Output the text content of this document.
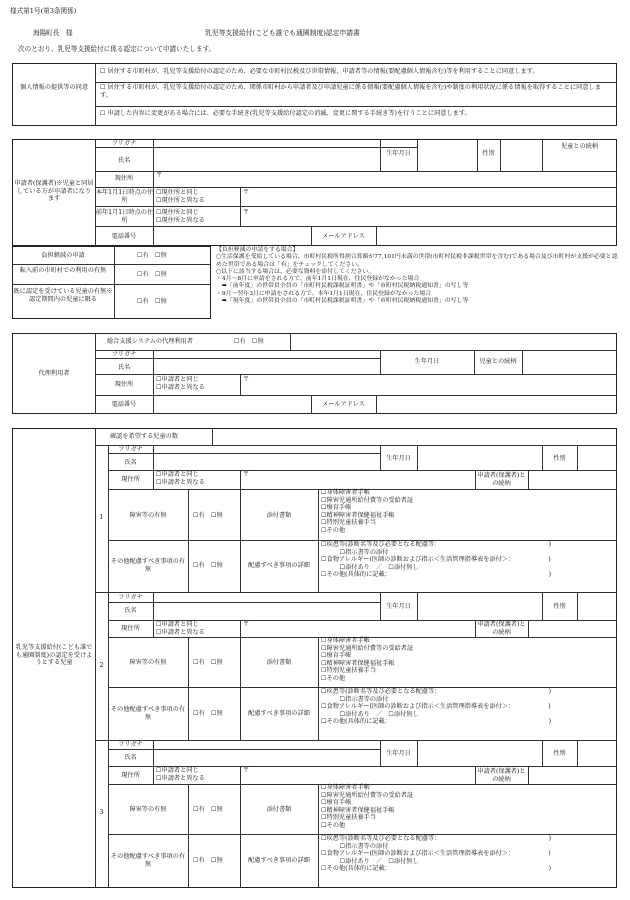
様式第1号(第3条関係)
海陽町長　様	乳児等支援給付(こども誰でも通園制度)認定申請書
次のとおり、乳児等支援給付に係る認定について申請いたします。
個人情報の提供等の同意
☐ 居住する市町村が、乳児等支援給付の認定のため、必要な市町村民税及び世帯情報、申請者等の情報(要配慮個人情報含む)等を利用することに同意します。
☐ 居住する市町村が、乳児等支援給付の認定のため、関係市町村から申請者及び申請児童に係る情報(要配慮個人情報を含む)や制度の利用状況に係る情報を取得することに同意します。
☐ 申請した内容に変更がある場合には、必要な手続き(乳児等支援給付認定の消滅、変更に関する手続き等)を行うことに同意します。
申請者(保護者)※児童と同居している方が申請者になります
フリガナ
氏名
生年月日	性別
児童との続柄
〒
現住所
本年1月1日時点の住所
☐現住所と同じ
☐現住所と異なる
〒
前年1月1日時点の住所
☐現住所と同じ
☐現住所と異なる
〒
電話番号	メールアドレス
負担軽減の申請	☐有　☐無
転入前の市町村での利用の有無
☐有　☐無
既に認定を受けている児童の有無※認定期間内の児童に限る	☐有　☐無
【負担軽減の申請をする場合】
○生活保護を受給している場合、市町村民税所得割合算額が77,101円未満の世帯(市町村民税非課税世帯を含む)である場合及び市町村が支援が必要と認めた世帯である場合は「有」をチェックしてください。
○以下に該当する場合は、必要な資料を添付してください。
・4月～8月に申請をされる方で、前年1月1日現在、住民登録がなかった場合
　➡「前年度」の世帯員全員の「市町村民税課税証明書」や「市町村民税納税通知書」の写し等
・9月～翌年3月に申請をされる方で、本年1月1日現在、住民登録がなかった場合
　➡「現年度」の世帯員全員の「市町村民税課税証明書」や「市町村民税納税通知書」の写し等
代理利用者
総合支援システムの代理利用者	☐有　☐無
フリガナ
氏名
生年月日	児童との続柄
現住所
☐申請者と同じ
☐申請者と異なる
〒
電話番号	メールアドレス
乳児等支援給付(こども誰でも通園制度)の認定を受けようとする児童
確認を希望する児童の数
1
フリガナ
氏名
生年月日	性別
現住所
☐申請者と同じ
☐申請者と異なる
〒	申請者(保護者)との続柄
障害等の有無	☐有　☐無	添付書類
☐身体障害者手帳
☐障害児通所給付費等の受給者証
☐療育手帳
☐精神障害者保健福祉手帳
☐特別児童扶養手当
☐その他
その他配慮すべき事項の有無
☐有　☐無	配慮すべき事項の詳細
☐疾患等(診断名等及び必要となる配慮等：　　　　　　　　　　　　　　　　　　)
　　　☐指示書等の添付
☐食物アレルギー(医師の診断および指示＜生活管理指導表を添付＞：　　　　　　)
　　　☐添付あり　／　☐添付無し
☐その他(具体的に記載：　　　　　　　　　　　　　　　　　　　　　　　　　　)
2
フリガナ
氏名
生年月日	性別
現住所
☐申請者と同じ
☐申請者と異なる
〒	申請者(保護者)との続柄
障害等の有無	☐有　☐無	添付書類
☐身体障害者手帳
☐障害児通所給付費等の受給者証
☐療育手帳
☐精神障害者保健福祉手帳
☐特別児童扶養手当
☐その他
その他配慮すべき事項の有無
☐有　☐無	配慮すべき事項の詳細
☐疾患等(診断名等及び必要となる配慮等：　　　　　　　　　　　　　　　　　　)
　　　☐指示書等の添付
☐食物アレルギー(医師の診断および指示＜生活管理指導表を添付＞：　　　　　　)
　　　☐添付あり　／　☐添付無し
☐その他(具体的に記載：　　　　　　　　　　　　　　　　　　　　　　　　　　)
3
フリガナ
氏名
生年月日	性別
現住所
☐申請者と同じ
☐申請者と異なる
〒	申請者(保護者)との続柄
障害等の有無	☐有　☐無	添付書類
☐身体障害者手帳
☐障害児通所給付費等の受給者証
☐療育手帳
☐精神障害者保健福祉手帳
☐特別児童扶養手当
☐その他
その他配慮すべき事項の有無
☐有　☐無	配慮すべき事項の詳細
☐疾患等(診断名等及び必要となる配慮等：　　　　　　　　　　　　　　　　　　)
　　　☐指示書等の添付
☐食物アレルギー(医師の診断および指示＜生活管理指導表を添付＞：　　　　　　)
　　　☐添付あり　／　☐添付無し
☐その他(具体的に記載：　　　　　　　　　　　　　　　　　　　　　　　　　　)
